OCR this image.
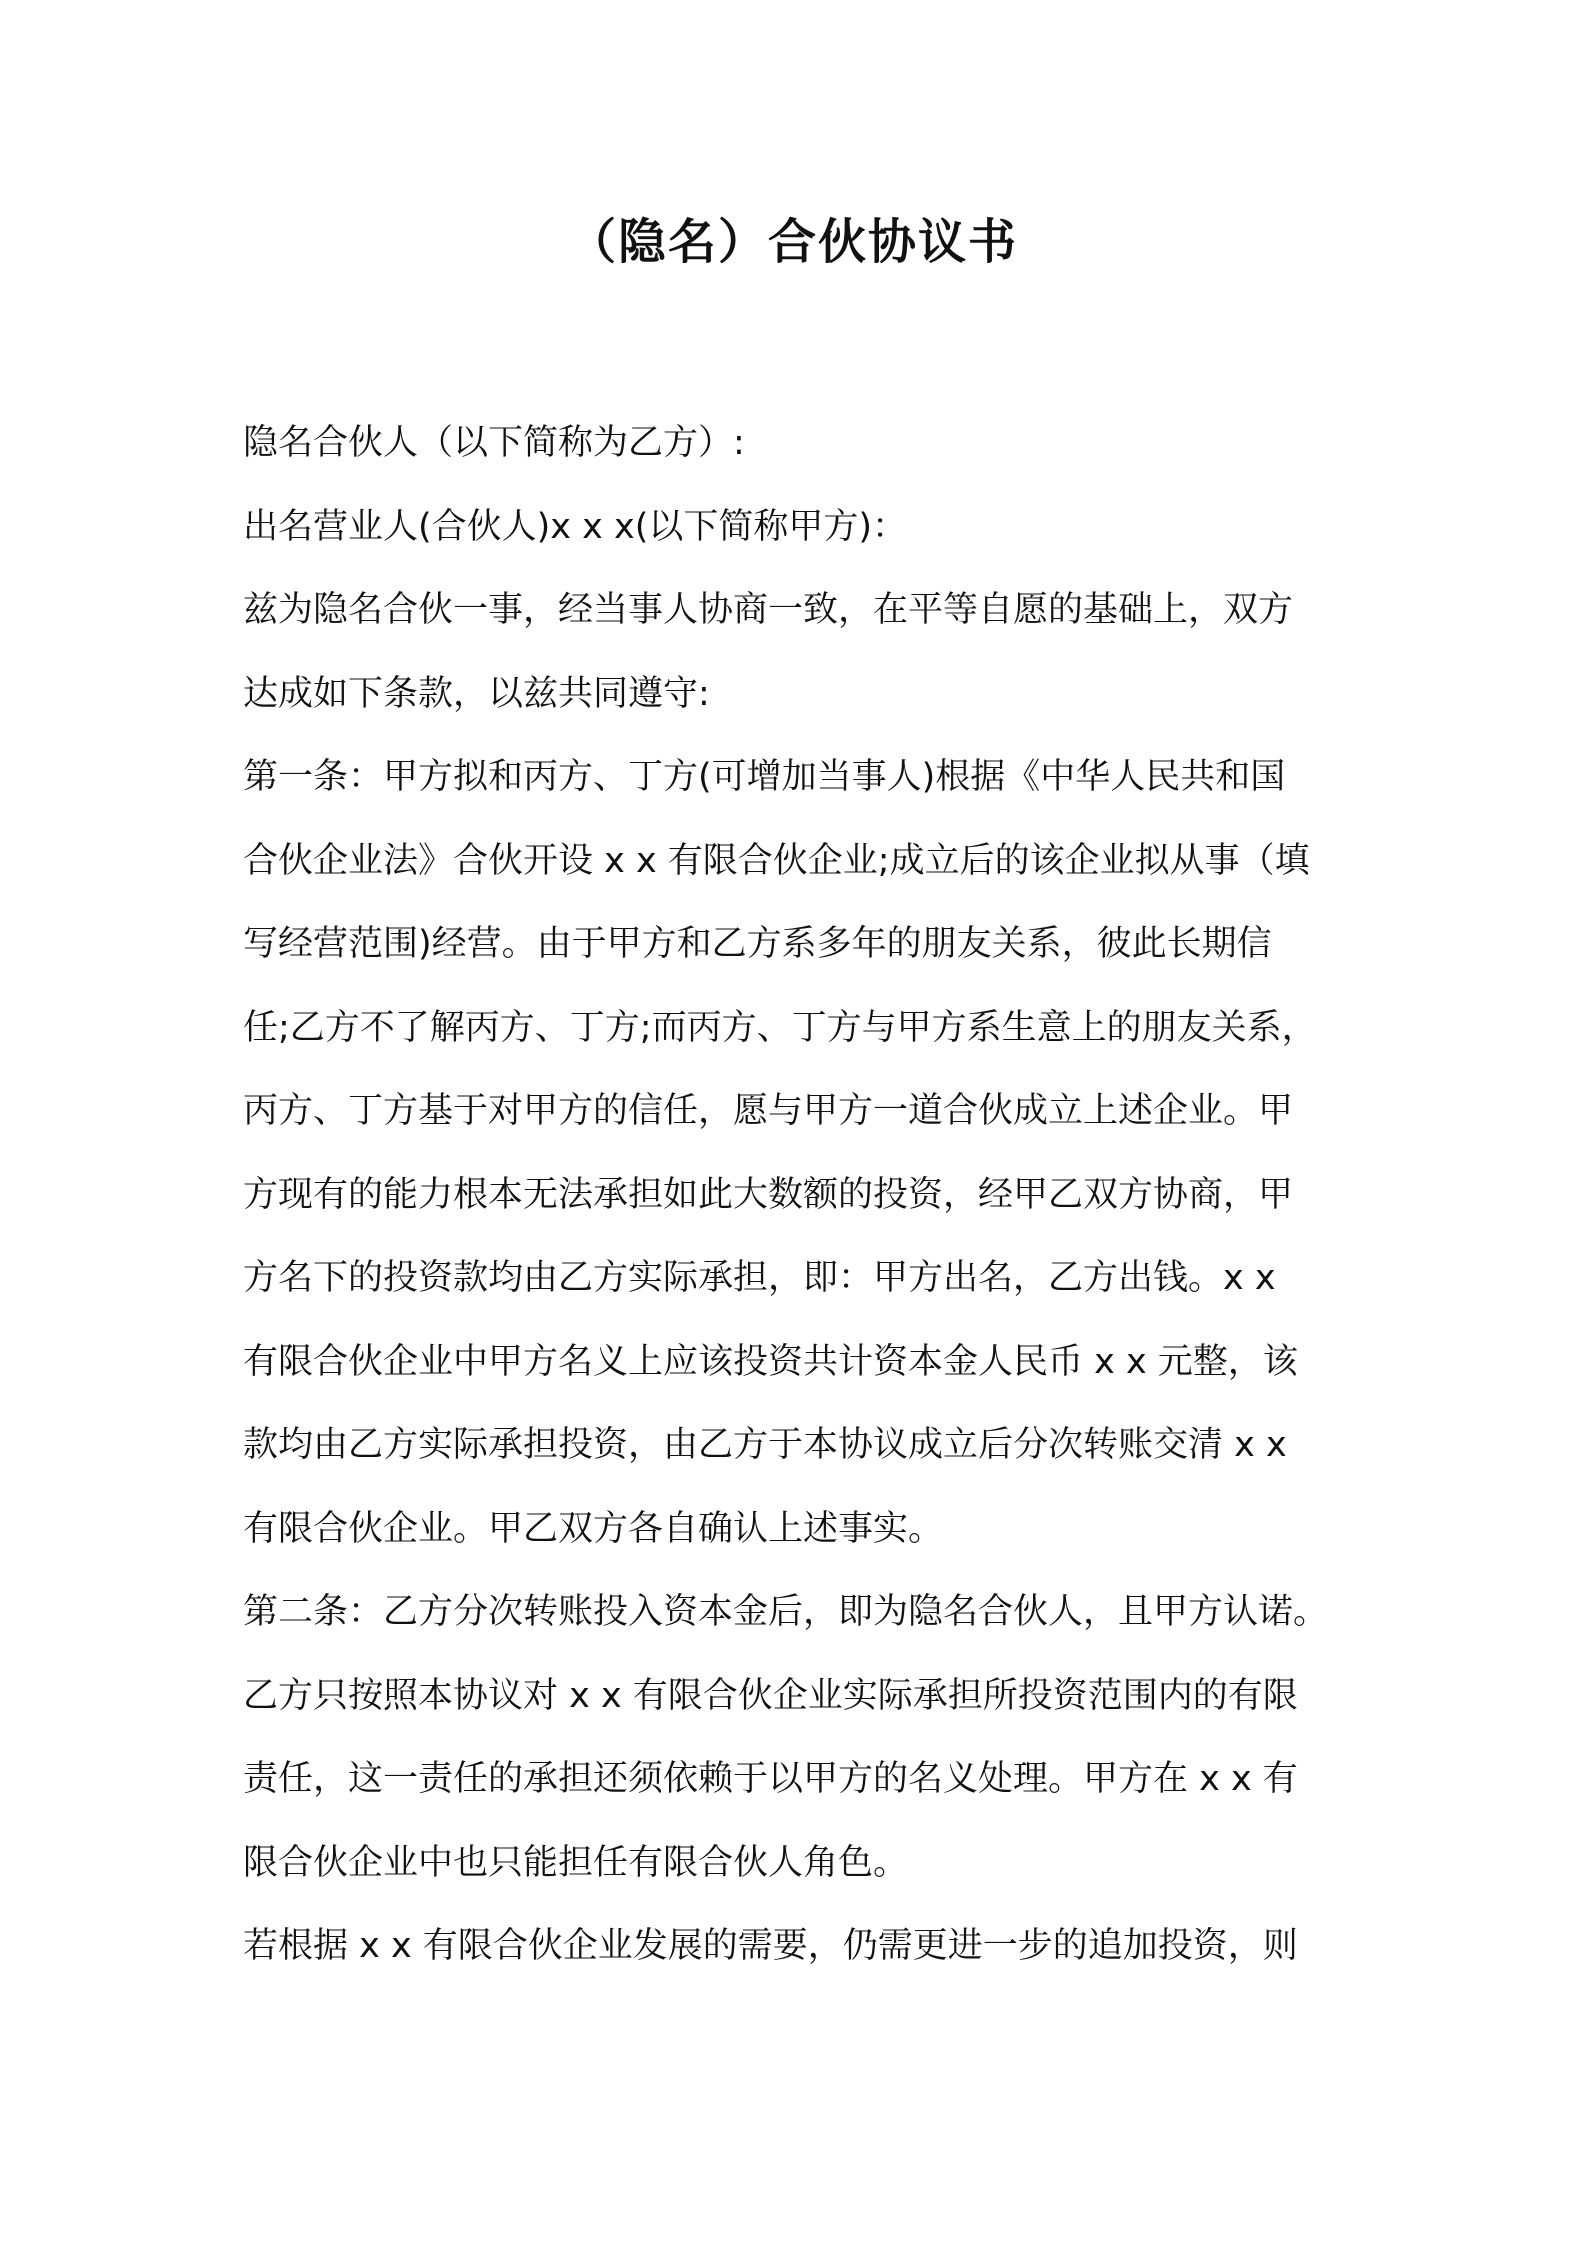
（隐名）合伙协议书
隐名合伙人（以下简称为乙方）:
出名营业人(合伙人)x x x(以下简称甲方)：
兹为隐名合伙一事，经当事人协商一致，在平等自愿的基础上，双方
达成如下条款，以兹共同遵守:
第一条：甲方拟和丙方、丁方(可增加当事人)根据《中华人民共和国
合伙企业法》合伙开设 x x 有限合伙企业;成立后的该企业拟从事（填
写经营范围)经营。由于甲方和乙方系多年的朋友关系，彼此长期信
任;乙方不了解丙方、丁方;而丙方、丁方与甲方系生意上的朋友关系，
丙方、丁方基于对甲方的信任，愿与甲方一道合伙成立上述企业。甲
方现有的能力根本无法承担如此大数额的投资，经甲乙双方协商，甲
方名下的投资款均由乙方实际承担，即：甲方出名，乙方出钱。x x
有限合伙企业中甲方名义上应该投资共计资本金人民币 x x 元整，该
款均由乙方实际承担投资，由乙方于本协议成立后分次转账交清 x x
有限合伙企业。甲乙双方各自确认上述事实。
第二条：乙方分次转账投入资本金后，即为隐名合伙人，且甲方认诺。
乙方只按照本协议对 x x 有限合伙企业实际承担所投资范围内的有限
责任，这一责任的承担还须依赖于以甲方的名义处理。甲方在 x x 有
限合伙企业中也只能担任有限合伙人角色。
若根据 x x 有限合伙企业发展的需要，仍需更进一步的追加投资，则
